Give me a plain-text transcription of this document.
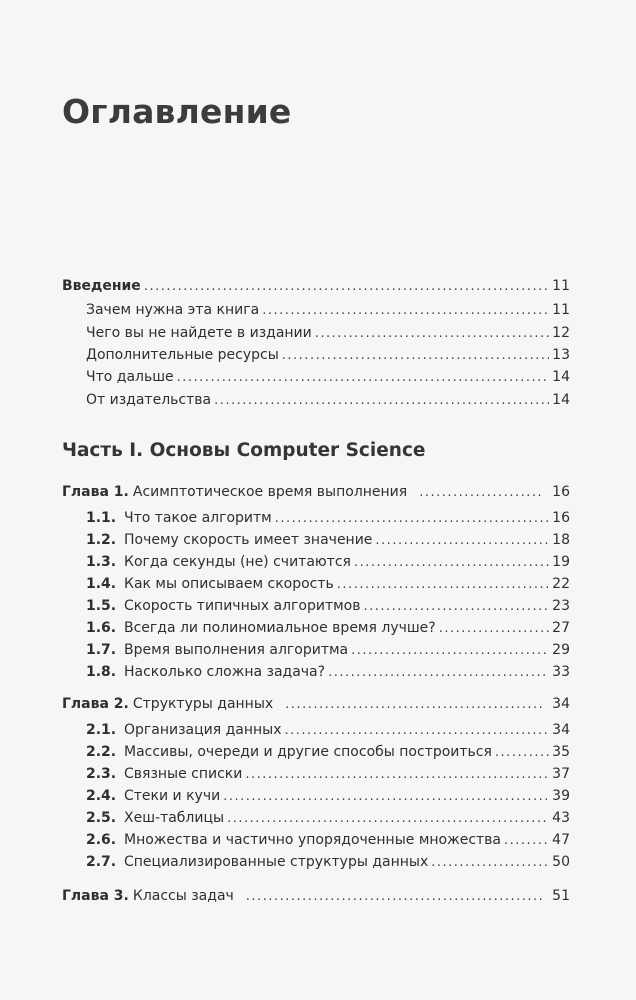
Оглавление
Введение .....	11
Зачем нужна эта книга .....	11
Чего вы не найдете в издании .....	12
Дополнительные ресурсы .....	13
Что дальше .....	14
От издательства .....	14
Часть I. Основы Computer Science
Глава 1. Асимптотическое время выполнения .....	16
1.1. Что такое алгоритм .....	16
1.2. Почему скорость имеет значение .....	18
1.3. Когда секунды (не) считаются .....	19
1.4. Как мы описываем скорость .....	22
1.5. Скорость типичных алгоритмов .....	23
1.6. Всегда ли полиномиальное время лучше? .....	27
1.7. Время выполнения алгоритма .....	29
1.8. Насколько сложна задача? .....	33
Глава 2. Структуры данных .....	34
2.1. Организация данных .....	34
2.2. Массивы, очереди и другие способы построиться .....	35
2.3. Связные списки .....	37
2.4. Стеки и кучи .....	39
2.5. Хеш-таблицы .....	43
2.6. Множества и частично упорядоченные множества .....	47
2.7. Специализированные структуры данных .....	50
Глава 3. Классы задач .....	51
